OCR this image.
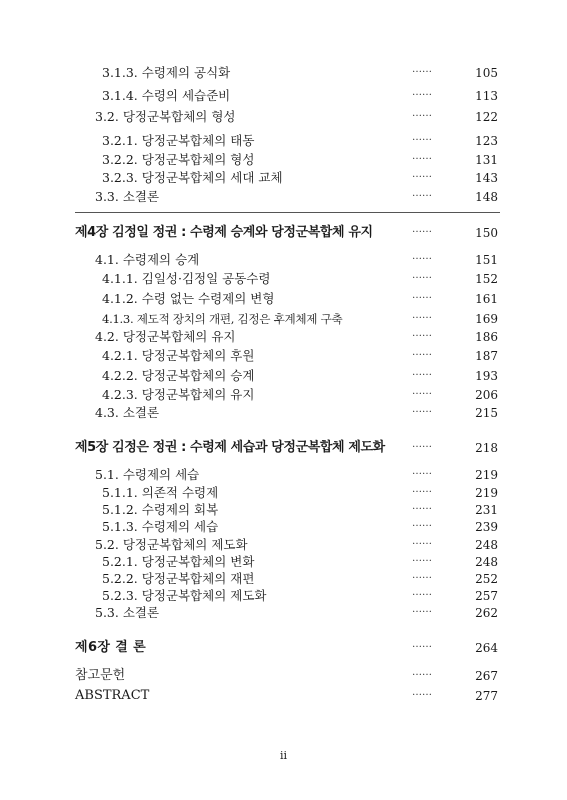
3.1.3. 수령제의 공식화	……	105
3.1.4. 수령의 세습준비	……	113
3.2. 당정군복합체의 형성	……	122
3.2.1. 당정군복합체의 태동	……	123
3.2.2. 당정군복합체의 형성	……	131
3.2.3. 당정군복합체의 세대 교체	……	143
3.3. 소결론	……	148
제4장 김정일 정권 : 수령제 승계와 당정군복합체 유지	……	150
4.1. 수령제의 승계	……	151
4.1.1. 김일성·김정일 공동수령	……	152
4.1.2. 수령 없는 수령제의 변형	……	161
4.1.3. 제도적 장치의 개편, 김정은 후계체제 구축	……	169
4.2. 당정군복합체의 유지	……	186
4.2.1. 당정군복합체의 후원	……	187
4.2.2. 당정군복합체의 승계	……	193
4.2.3. 당정군복합체의 유지	……	206
4.3. 소결론	……	215
제5장 김정은 정권 : 수령제 세습과 당정군복합체 제도화	……	218
5.1. 수령제의 세습	……	219
5.1.1. 의존적 수령제	……	219
5.1.2. 수령제의 회복	……	231
5.1.3. 수령제의 세습	……	239
5.2. 당정군복합체의 제도화	……	248
5.2.1. 당정군복합체의 변화	……	248
5.2.2. 당정군복합체의 재편	……	252
5.2.3. 당정군복합체의 제도화	……	257
5.3. 소결론	……	262
제6장 결 론	……	264
참고문헌	……	267
ABSTRACT	……	277
ii
